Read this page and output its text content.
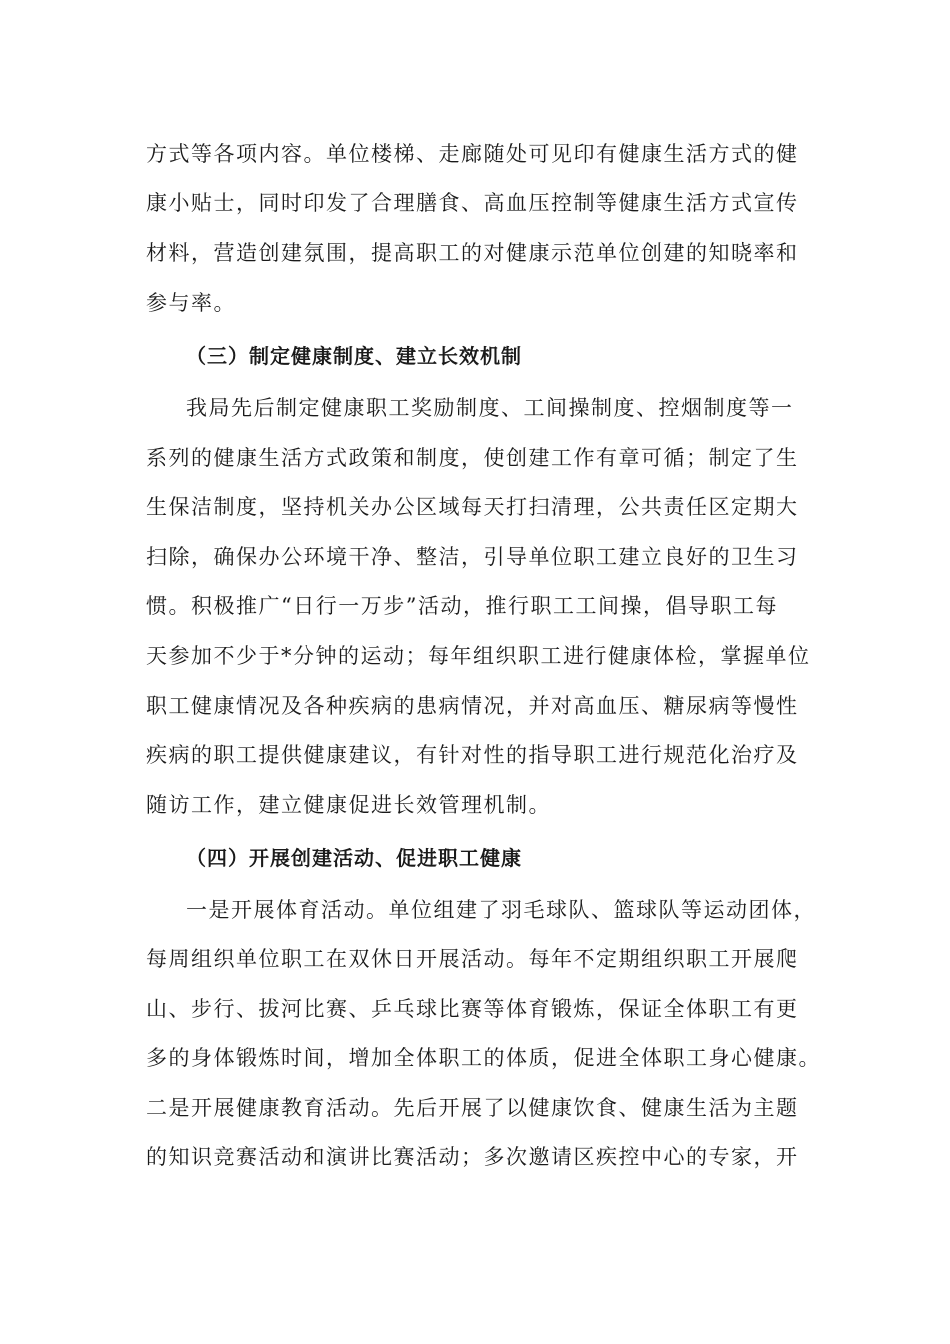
方式等各项内容。单位楼梯、走廊随处可见印有健康生活方式的健
康小贴士，同时印发了合理膳食、高血压控制等健康生活方式宣传
材料，营造创建氛围，提高职工的对健康示范单位创建的知晓率和
参与率。
（三）制定健康制度、建立长效机制
我局先后制定健康职工奖励制度、工间操制度、控烟制度等一
系列的健康生活方式政策和制度，使创建工作有章可循；制定了生
生保洁制度，坚持机关办公区域每天打扫清理，公共责任区定期大
扫除，确保办公环境干净、整洁，引导单位职工建立良好的卫生习
惯。积极推广“日行一万步”活动，推行职工工间操，倡导职工每
天参加不少于*分钟的运动；每年组织职工进行健康体检，掌握单位
职工健康情况及各种疾病的患病情况，并对高血压、糖尿病等慢性
疾病的职工提供健康建议，有针对性的指导职工进行规范化治疗及
随访工作，建立健康促进长效管理机制。
（四）开展创建活动、促进职工健康
一是开展体育活动。单位组建了羽毛球队、篮球队等运动团体，
每周组织单位职工在双休日开展活动。每年不定期组织职工开展爬
山、步行、拔河比赛、乒乓球比赛等体育锻炼，保证全体职工有更
多的身体锻炼时间，增加全体职工的体质，促进全体职工身心健康。
二是开展健康教育活动。先后开展了以健康饮食、健康生活为主题
的知识竞赛活动和演讲比赛活动；多次邀请区疾控中心的专家，开
